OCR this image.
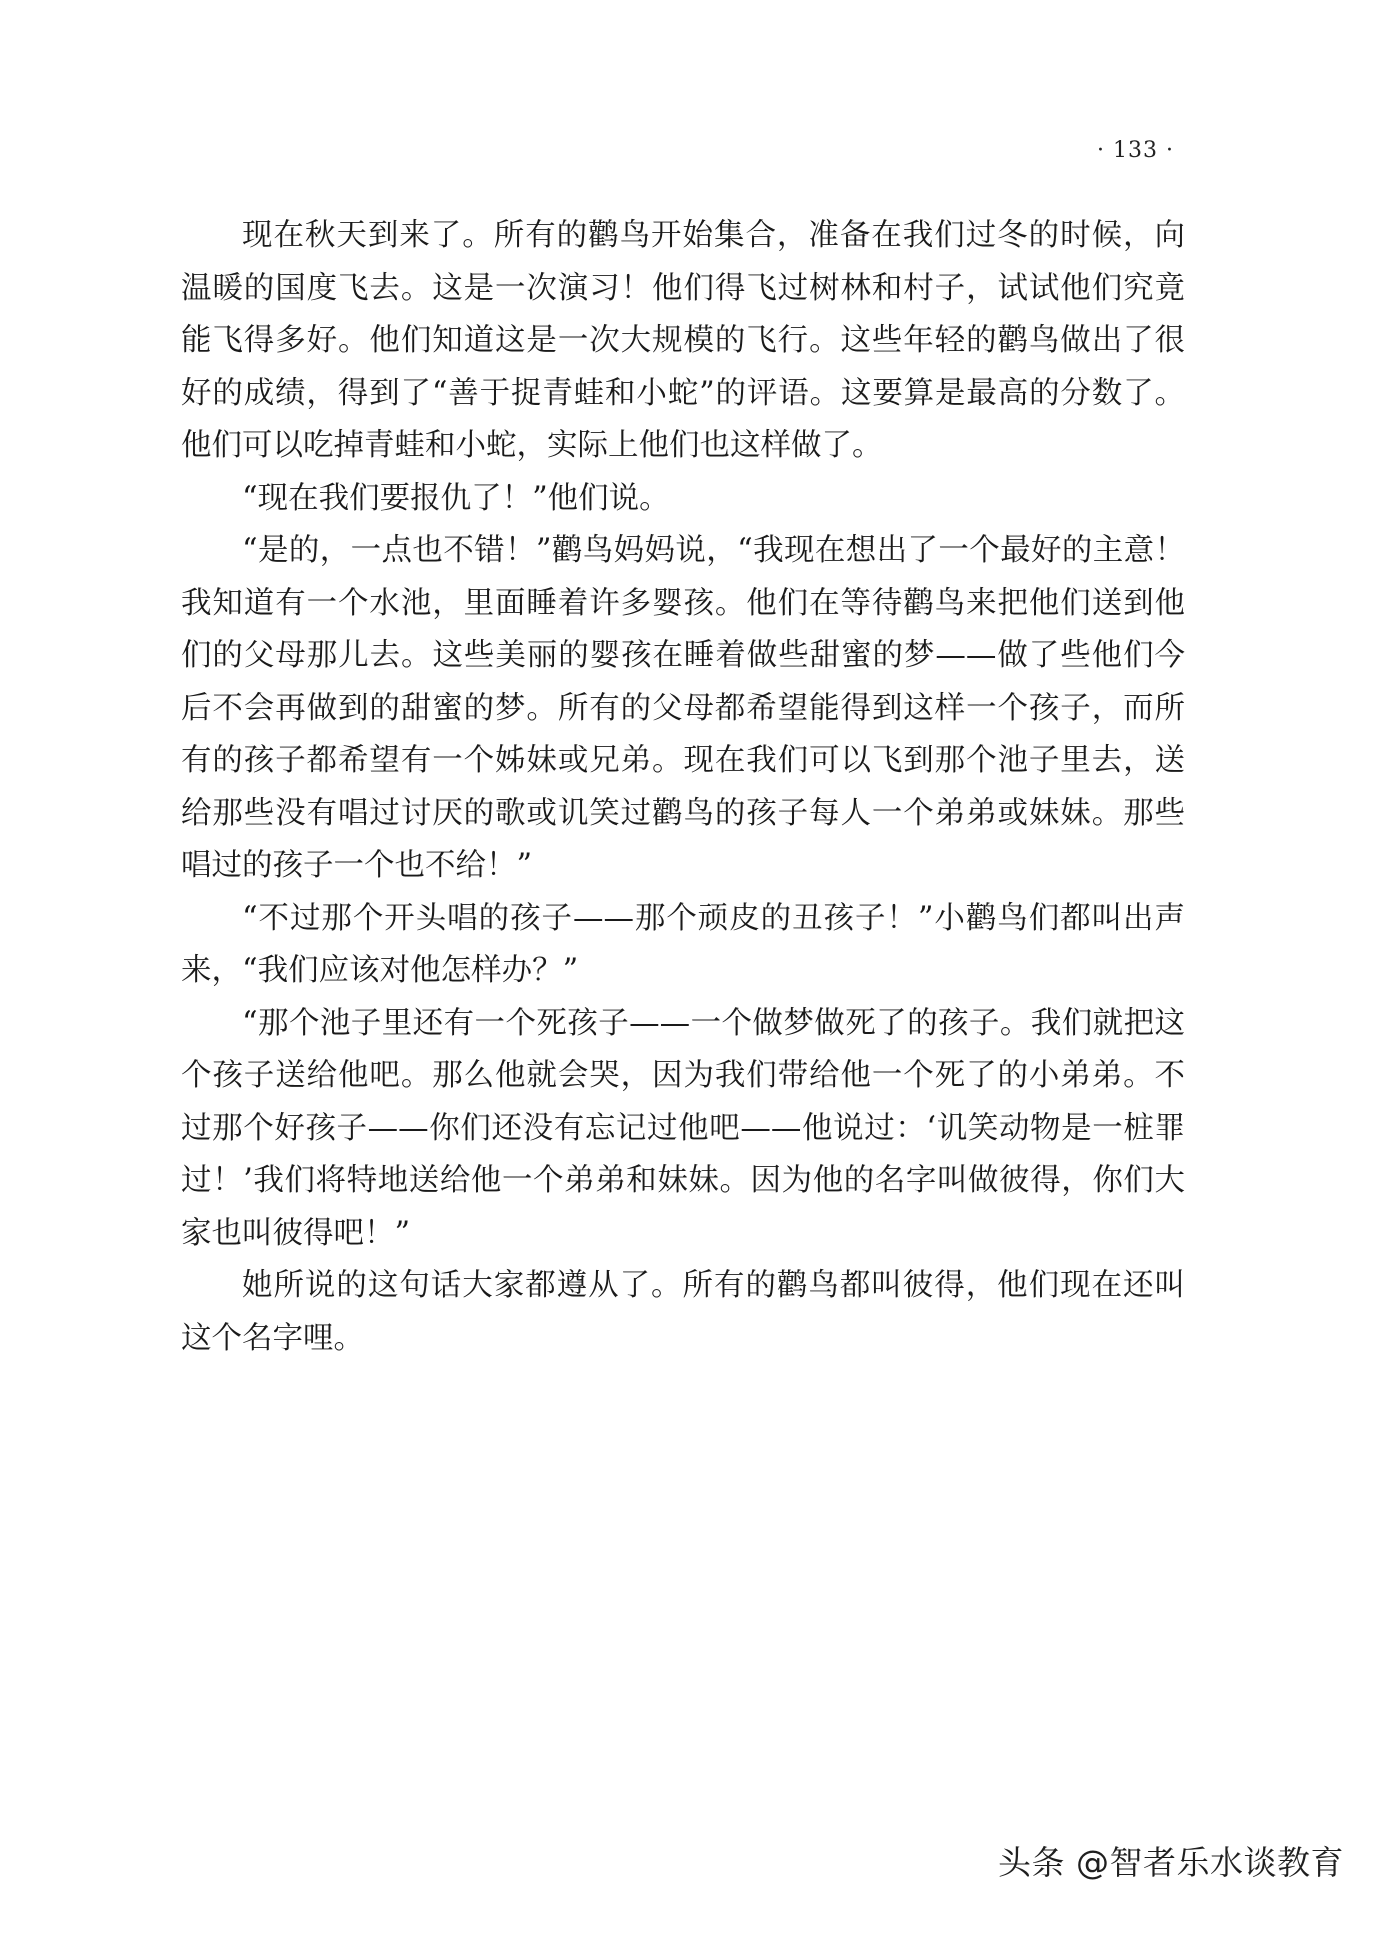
· 133 ·

现在秋天到来了。所有的鹳鸟开始集合，准备在我们过冬的时候，向温暖的国度飞去。这是一次演习！他们得飞过树林和村子，试试他们究竟能飞得多好。他们知道这是一次大规模的飞行。这些年轻的鹳鸟做出了很好的成绩，得到了“善于捉青蛙和小蛇”的评语。这要算是最高的分数了。他们可以吃掉青蛙和小蛇，实际上他们也这样做了。

“现在我们要报仇了！”他们说。

“是的，一点也不错！”鹳鸟妈妈说，“我现在想出了一个最好的主意！我知道有一个水池，里面睡着许多婴孩。他们在等待鹳鸟来把他们送到他们的父母那儿去。这些美丽的婴孩在睡着做些甜蜜的梦——做了些他们今后不会再做到的甜蜜的梦。所有的父母都希望能得到这样一个孩子，而所有的孩子都希望有一个姊妹或兄弟。现在我们可以飞到那个池子里去，送给那些没有唱过讨厌的歌或讥笑过鹳鸟的孩子每人一个弟弟或妹妹。那些唱过的孩子一个也不给！”

“不过那个开头唱的孩子——那个顽皮的丑孩子！”小鹳鸟们都叫出声来，“我们应该对他怎样办？”

“那个池子里还有一个死孩子——一个做梦做死了的孩子。我们就把这个孩子送给他吧。那么他就会哭，因为我们带给他一个死了的小弟弟。不过那个好孩子——你们还没有忘记过他吧——他说过：‘讥笑动物是一桩罪过！’我们将特地送给他一个弟弟和妹妹。因为他的名字叫做彼得，你们大家也叫彼得吧！”

她所说的这句话大家都遵从了。所有的鹳鸟都叫彼得，他们现在还叫这个名字哩。

头条 @智者乐水谈教育
